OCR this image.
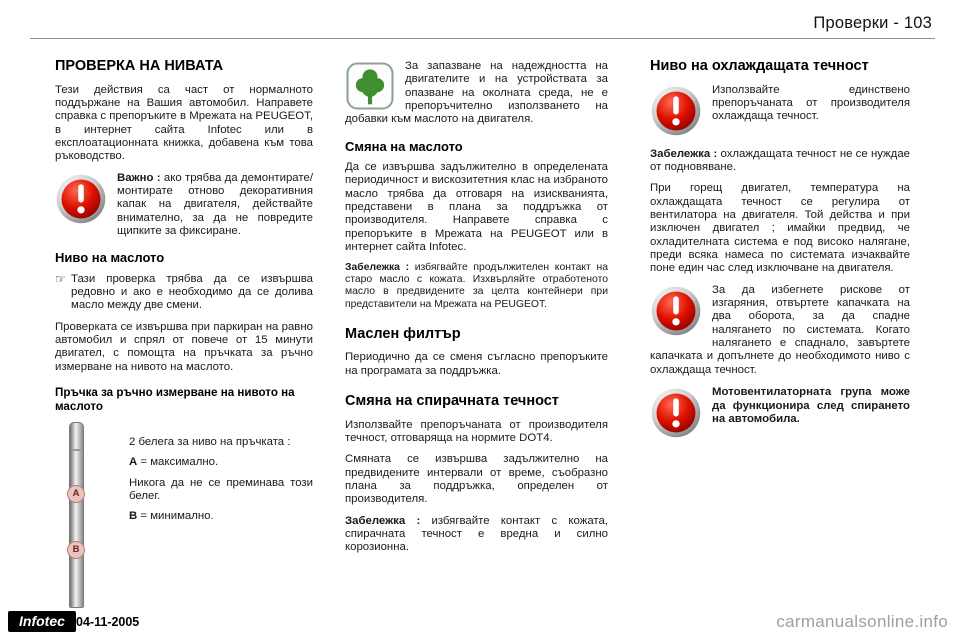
Проверки - 103
ПРОВЕРКА НА НИВАТА

Тези действия са част от нормалното поддържане на Вашия автомобил. Направете справка с препоръките в Мрежата на PEUGEOT, в интернет сайта Infotec или в експлоатационната книжка, добавена към това ръководство.

Важно : ако трябва да демонтирате/монтирате отново декоративния капак на двигателя, действайте внимателно, за да не повредите щипките за фиксиране.

Ниво на маслото

☞ Тази проверка трябва да се извършва редовно и ако е необходимо да се долива масло между две смени.

Проверката се извършва при паркиран на равно автомобил и спрял от повече от 15 минути двигател, с помощта на пръчката за ръчно измерване на нивото на маслото.

Пръчка за ръчно измерване на нивото на маслото
A
B

2 белега за ниво на пръчката :

A = максимално.

Никога да не се преминава този белег.

B = минимално.

За запазване на надеждността на двигателите и на устройствата за опазване на околната среда, не е препоръчително използването на добавки към маслото на двигателя.

Смяна на маслото

Да се извършва задължително в определената периодичност и вискозитетния клас на избраното масло трябва да отговаря на изискванията, представени в плана за поддръжка от производителя. Направете справка с препоръките в Мрежата на PEUGEOT или в интернет сайта Infotec.

Забележка : избягвайте продължителен контакт на старо масло с кожата. Изхвърляйте отработеното масло в предвидените за целта контейнери при представители на Мрежата на PEUGEOT.

Маслен филтър

Периодично да се сменя съгласно препоръките на програмата за поддръжка.

Смяна на спирачната течност

Използвайте препоръчаната от производителя течност, отговаряща на нормите DOT4.

Смяната се извършва задължително на предвидените интервали от време, съобразно плана за поддръжка, определен от производителя.

Забележка : избягвайте контакт с кожата, спирачната течност е вредна и силно корозионна.

Ниво на охлаждащата течност

Използвайте единствено препоръчаната от производителя охлаждаща течност.

Забележка : охлаждащата течност не се нуждае от подновяване.

При горещ двигател, температура на охлаждащата течност се регулира от вентилатора на двигателя. Той действа и при изключен двигател ; имайки предвид, че охладителната система е под високо налягане, преди всяка намеса по системата изчаквайте поне един час след изключване на двигателя.

За да избегнете рискове от изгаряния, отвъртете капачката на два оборота, за да спадне налягането по системата. Когато налягането е спаднало, завъртете капачката и допълнете до необходимото ниво с охлаждаща течност.

Мотовентилаторната група може да функционира след спирането на автомобила.

Infotec 04-11-2005	carmanualsonline.info
